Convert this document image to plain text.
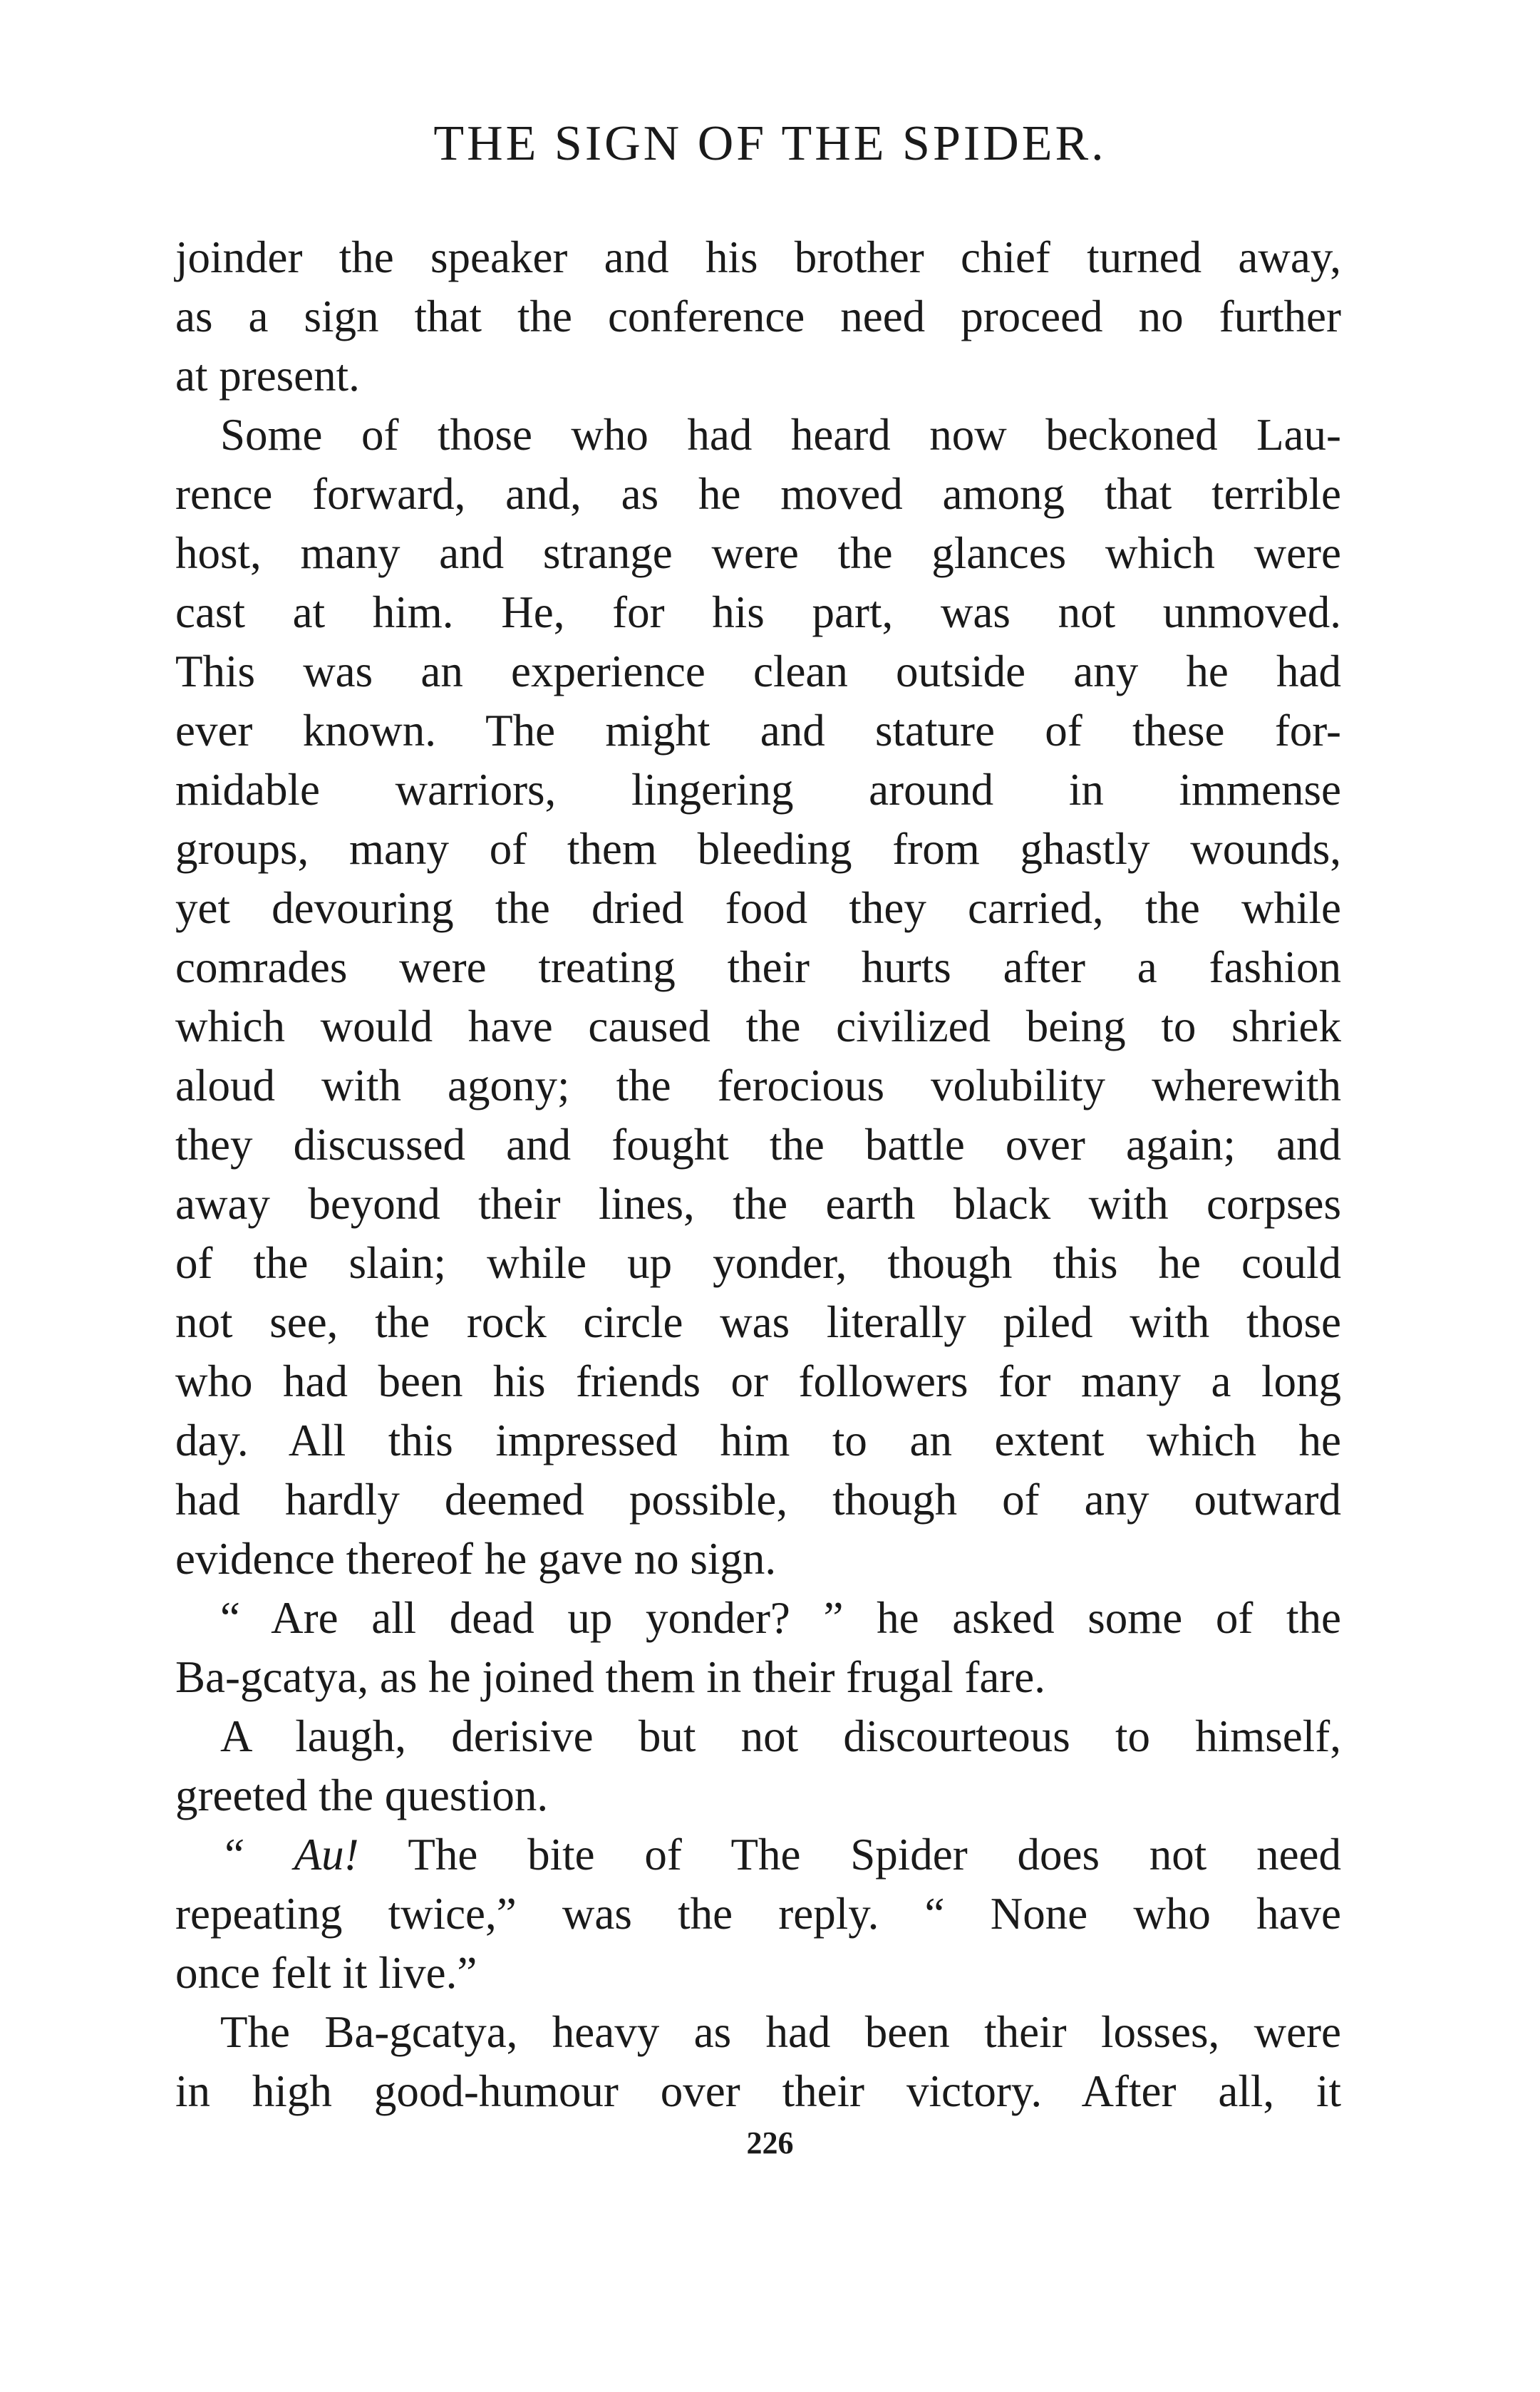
THE SIGN OF THE SPIDER.
joinder the speaker and his brother chief turned away,
as a sign that the conference need proceed no further
at present.
Some of those who had heard now beckoned Lau-
rence forward, and, as he moved among that terrible
host, many and strange were the glances which were
cast at him. He, for his part, was not unmoved.
This was an experience clean outside any he had
ever known. The might and stature of these for-
midable warriors, lingering around in immense
groups, many of them bleeding from ghastly wounds,
yet devouring the dried food they carried, the while
comrades were treating their hurts after a fashion
which would have caused the civilized being to shriek
aloud with agony; the ferocious volubility wherewith
they discussed and fought the battle over again; and
away beyond their lines, the earth black with corpses
of the slain; while up yonder, though this he could
not see, the rock circle was literally piled with those
who had been his friends or followers for many a long
day. All this impressed him to an extent which he
had hardly deemed possible, though of any outward
evidence thereof he gave no sign.
“ Are all dead up yonder? ” he asked some of the
Ba-gcatya, as he joined them in their frugal fare.
A laugh, derisive but not discourteous to himself,
greeted the question.
“ Au! The bite of The Spider does not need
repeating twice,” was the reply. “ None who have
once felt it live.”
The Ba-gcatya, heavy as had been their losses, were
in high good-humour over their victory. After all, it
226
